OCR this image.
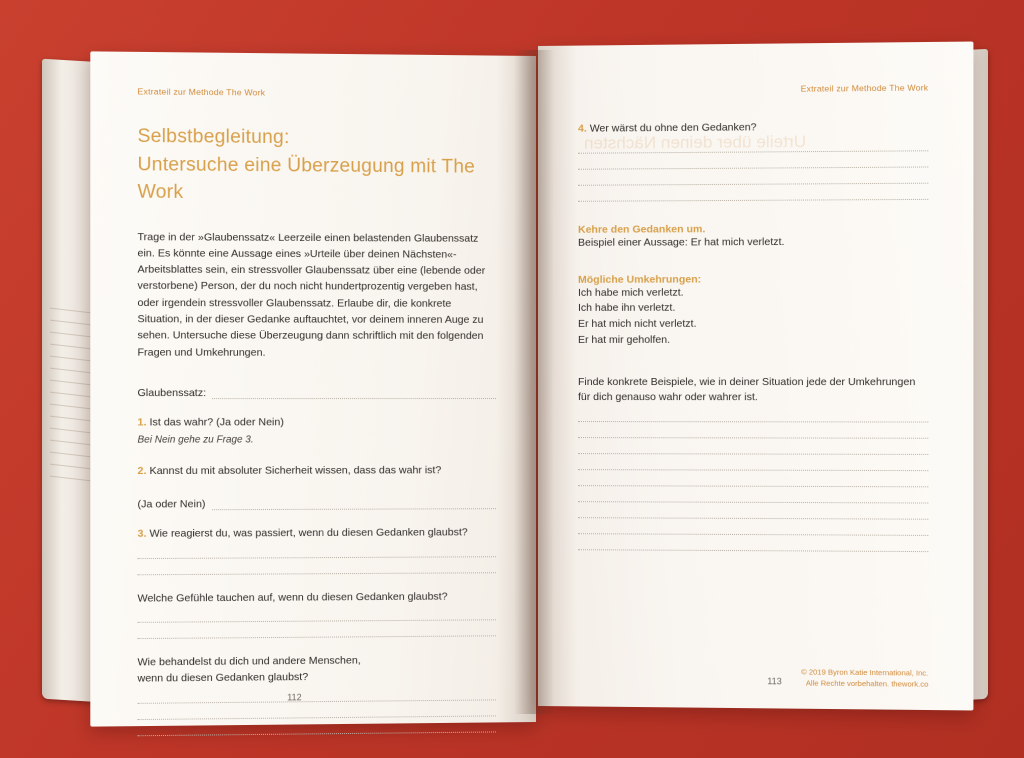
Extrateil zur Methode The Work
Selbstbegleitung:
Untersuche eine Überzeugung mit The Work

Trage in der »Glaubenssatz« Leerzeile einen belastenden Glaubenssatz ein. Es könnte eine Aussage eines »Urteile über deinen Nächsten«-Arbeitsblattes sein, ein stressvoller Glaubenssatz über eine (lebende oder verstorbene) Person, der du noch nicht hundertprozentig vergeben hast, oder irgendein stressvoller Glaubenssatz. Erlaube dir, die konkrete Situation, in der dieser Gedanke auftauchtet, vor deinem inneren Auge zu sehen. Untersuche diese Überzeugung dann schriftlich mit den folgenden Fragen und Umkehrungen.

Glaubenssatz:
1. Ist das wahr? (Ja oder Nein)
Bei Nein gehe zu Frage 3.
2. Kannst du mit absoluter Sicherheit wissen, dass das wahr ist?
(Ja oder Nein)
3. Wie reagierst du, was passiert, wenn du diesen Gedanken glaubst?
Welche Gefühle tauchen auf, wenn du diesen Gedanken glaubst?
Wie behandelst du dich und andere Menschen,
wenn du diesen Gedanken glaubst?
112
Urteile über deinen Nächsten
Extrateil zur Methode The Work
4. Wer wärst du ohne den Gedanken?
Kehre den Gedanken um.
Beispiel einer Aussage: Er hat mich verletzt.
Mögliche Umkehrungen:
Ich habe mich verletzt.
Ich habe ihn verletzt.
Er hat mich nicht verletzt.
Er hat mir geholfen.

Finde konkrete Beispiele, wie in deiner Situation jede der Umkehrungen für dich genauso wahr oder wahrer ist.

113
© 2019 Byron Katie International, Inc.
Alle Rechte vorbehalten. thework.co
